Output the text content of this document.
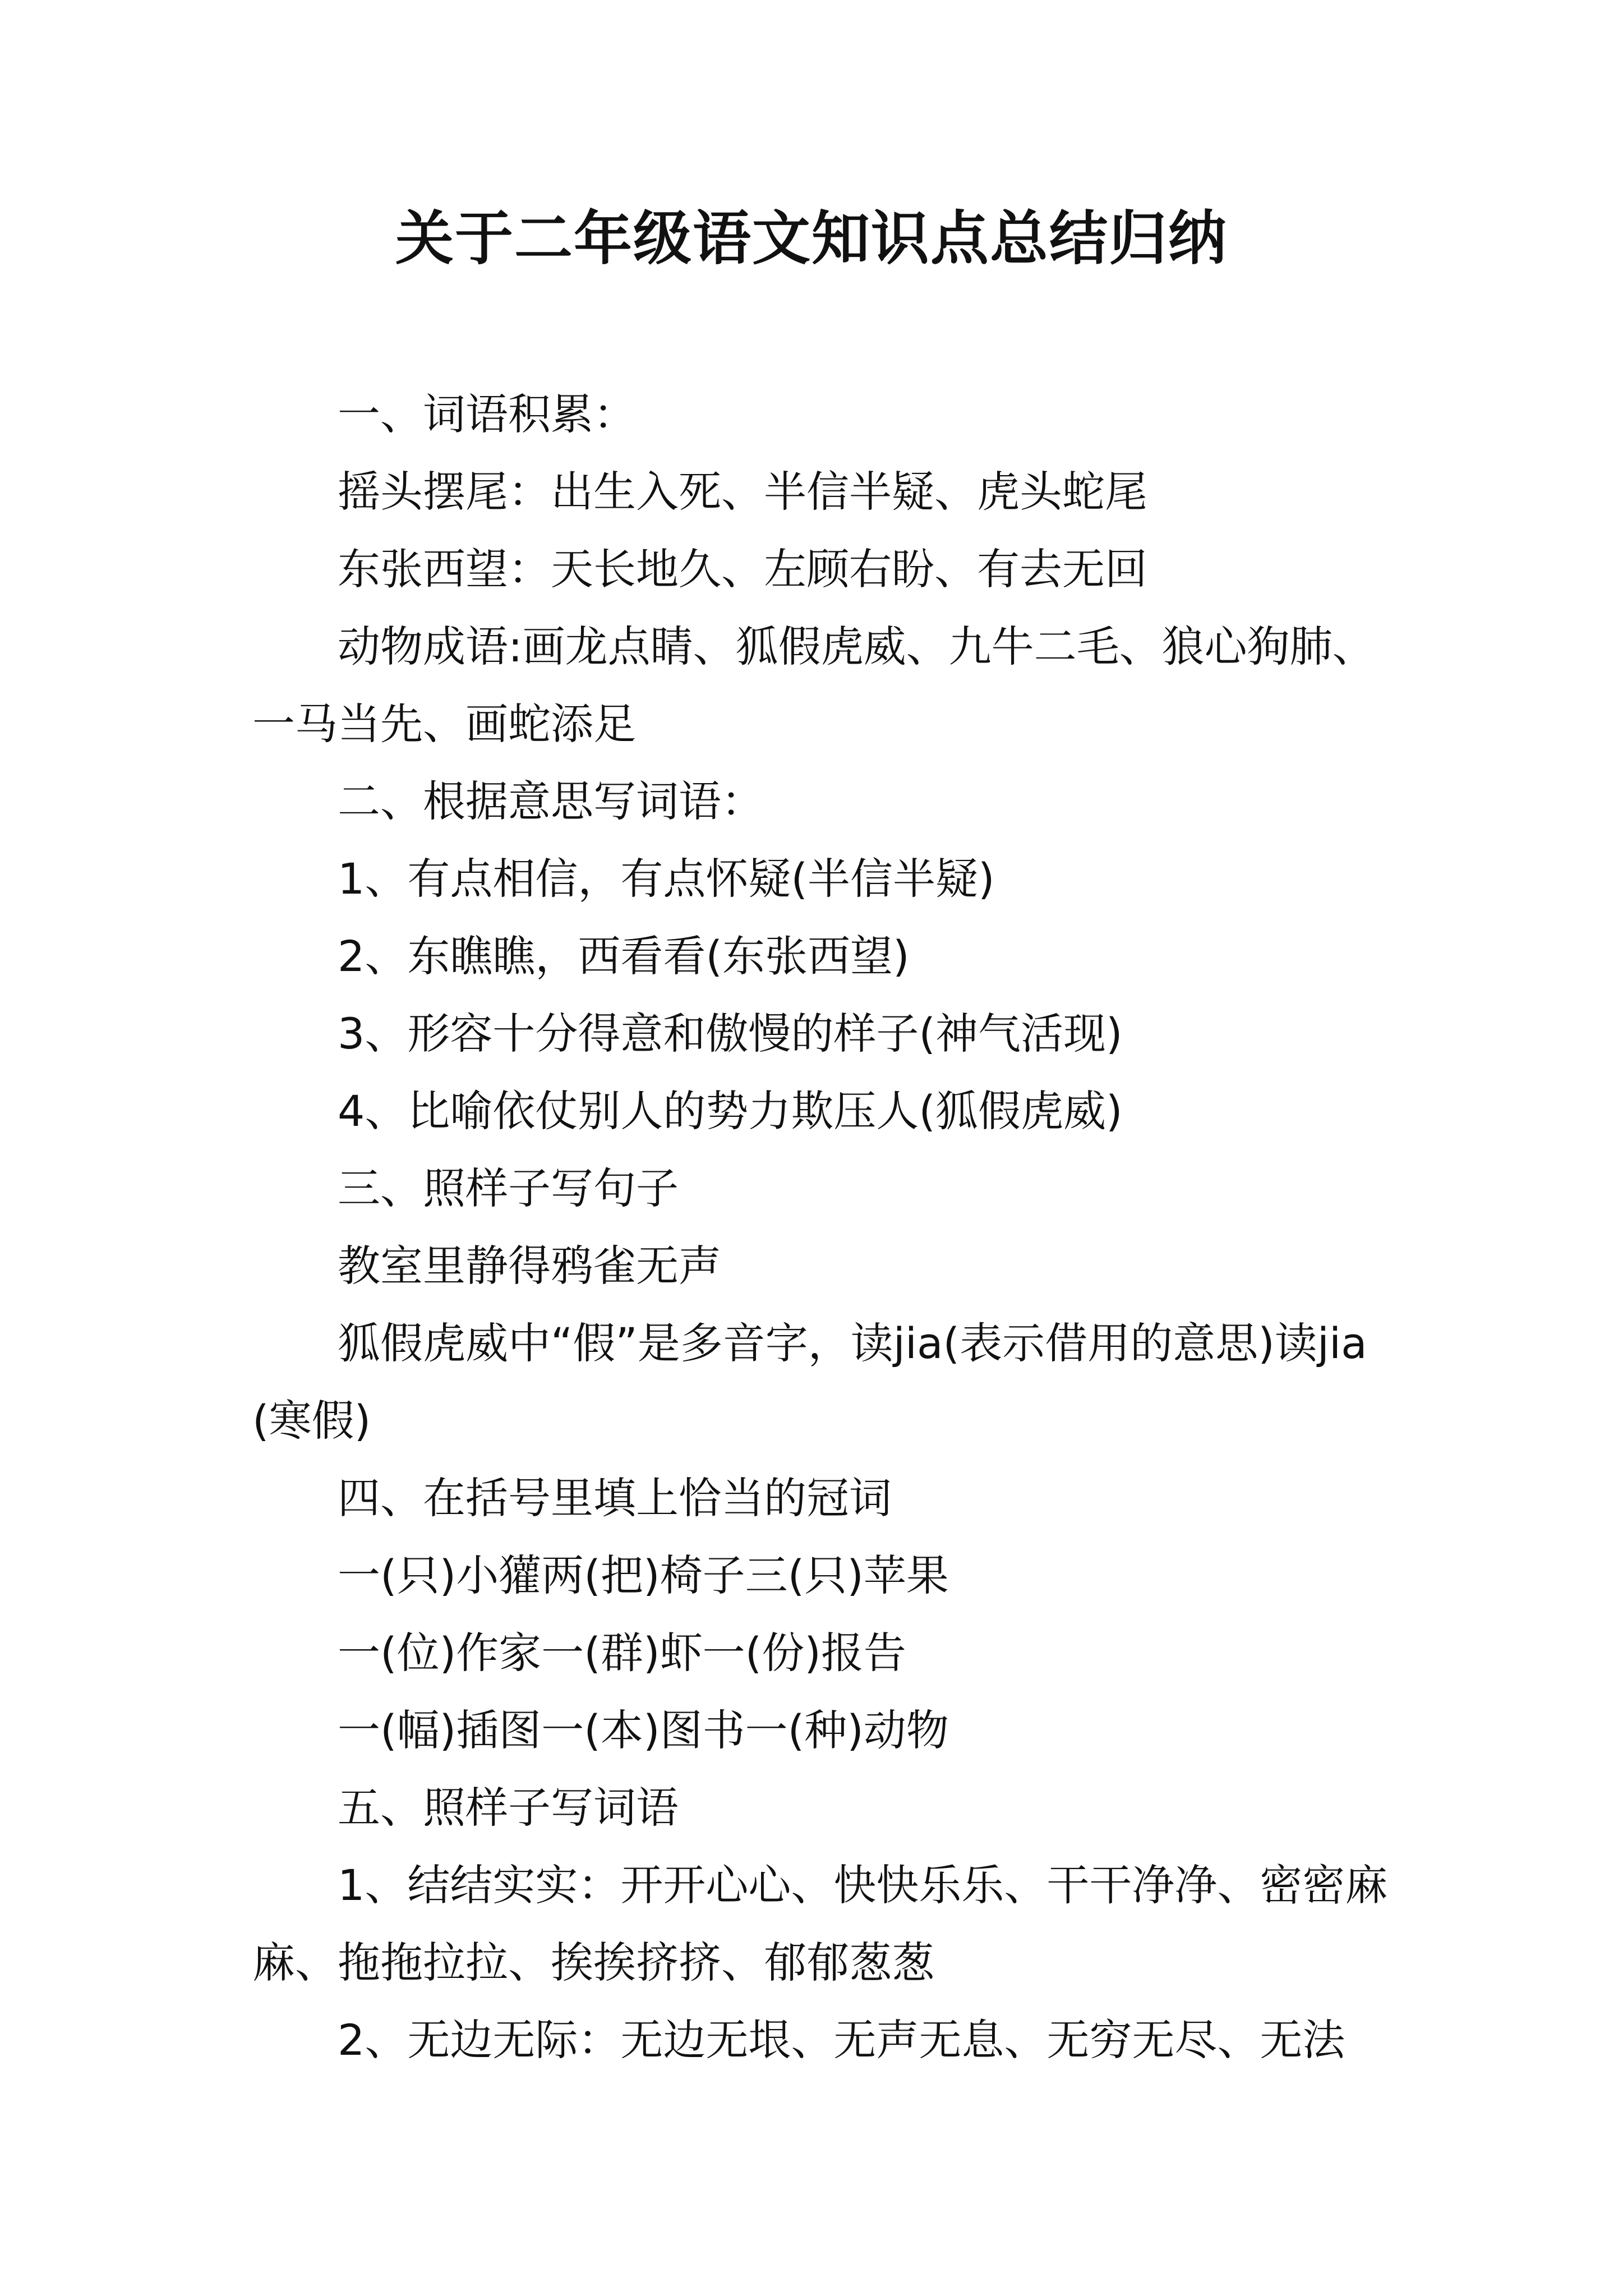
关于二年级语文知识点总结归纳

一、词语积累：

摇头摆尾：出生入死、半信半疑、虎头蛇尾

东张西望：天长地久、左顾右盼、有去无回

动物成语:画龙点睛、狐假虎威、九牛二毛、狼心狗肺、一马当先、画蛇添足

二、根据意思写词语：

1、有点相信，有点怀疑(半信半疑)

2、东瞧瞧，西看看(东张西望)

3、形容十分得意和傲慢的样子(神气活现)

4、比喻依仗别人的势力欺压人(狐假虎威)

三、照样子写句子

教室里静得鸦雀无声

狐假虎威中“假”是多音字，读jia(表示借用的意思)读jia(寒假)

四、在括号里填上恰当的冠词

一(只)小獾两(把)椅子三(只)苹果

一(位)作家一(群)虾一(份)报告

一(幅)插图一(本)图书一(种)动物

五、照样子写词语

1、结结实实：开开心心、快快乐乐、干干净净、密密麻麻、拖拖拉拉、挨挨挤挤、郁郁葱葱

2、无边无际：无边无垠、无声无息、无穷无尽、无法
